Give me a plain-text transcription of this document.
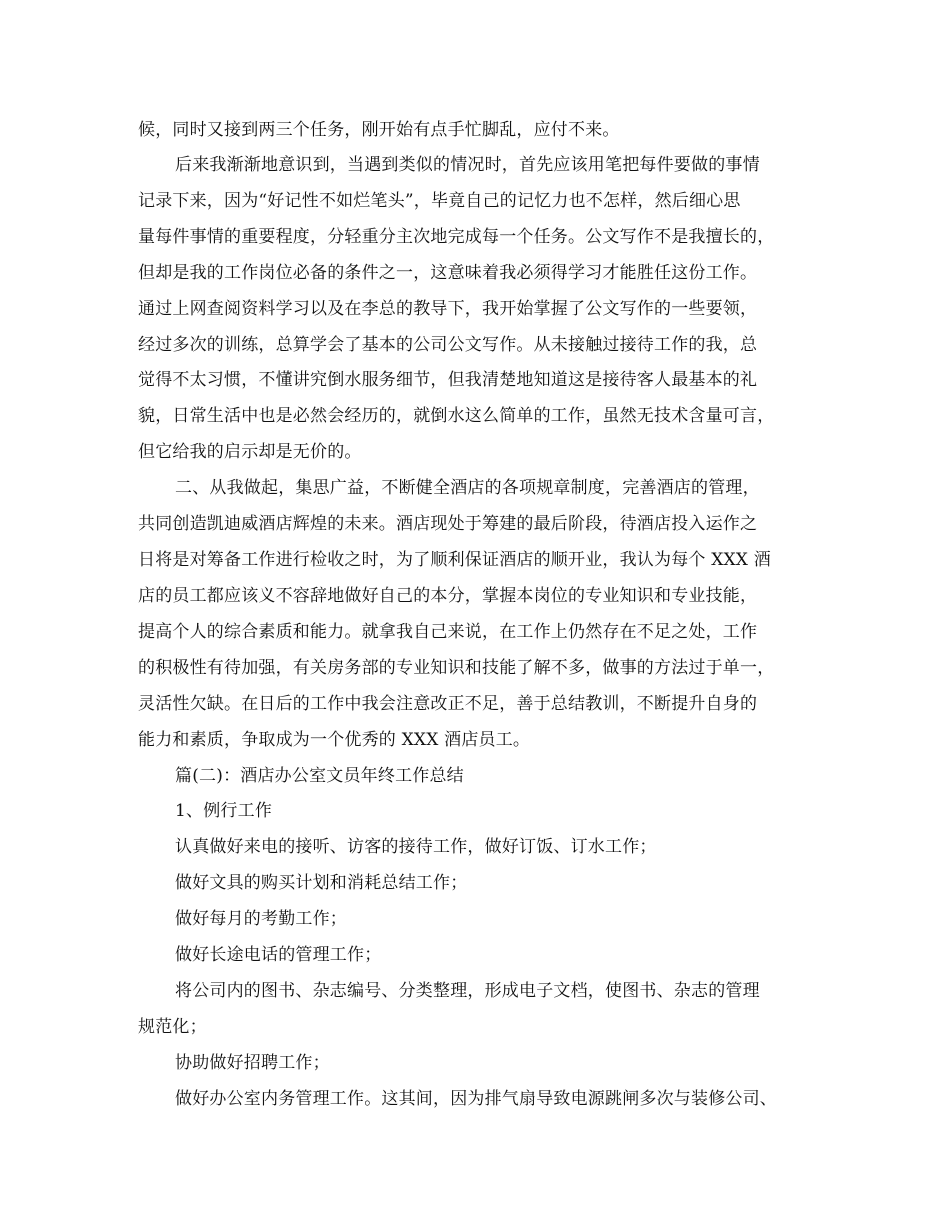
候，同时又接到两三个任务，刚开始有点手忙脚乱，应付不来。
后来我渐渐地意识到，当遇到类似的情况时，首先应该用笔把每件要做的事情
记录下来，因为“好记性不如烂笔头”，毕竟自己的记忆力也不怎样，然后细心思
量每件事情的重要程度，分轻重分主次地完成每一个任务。公文写作不是我擅长的，
但却是我的工作岗位必备的条件之一，这意味着我必须得学习才能胜任这份工作。
通过上网查阅资料学习以及在李总的教导下，我开始掌握了公文写作的一些要领，
经过多次的训练，总算学会了基本的公司公文写作。从未接触过接待工作的我，总
觉得不太习惯，不懂讲究倒水服务细节，但我清楚地知道这是接待客人最基本的礼
貌，日常生活中也是必然会经历的，就倒水这么简单的工作，虽然无技术含量可言，
但它给我的启示却是无价的。
二、从我做起，集思广益，不断健全酒店的各项规章制度，完善酒店的管理，
共同创造凯迪威酒店辉煌的未来。酒店现处于筹建的最后阶段，待酒店投入运作之
日将是对筹备工作进行检收之时，为了顺利保证酒店的顺开业，我认为每个 XXX 酒
店的员工都应该义不容辞地做好自己的本分，掌握本岗位的专业知识和专业技能，
提高个人的综合素质和能力。就拿我自己来说，在工作上仍然存在不足之处，工作
的积极性有待加强，有关房务部的专业知识和技能了解不多，做事的方法过于单一，
灵活性欠缺。在日后的工作中我会注意改正不足，善于总结教训，不断提升自身的
能力和素质，争取成为一个优秀的 XXX 酒店员工。
篇(二)：酒店办公室文员年终工作总结
1、例行工作
认真做好来电的接听、访客的接待工作，做好订饭、订水工作；
做好文具的购买计划和消耗总结工作；
做好每月的考勤工作；
做好长途电话的管理工作；
将公司内的图书、杂志编号、分类整理，形成电子文档，使图书、杂志的管理
规范化；
协助做好招聘工作；
做好办公室内务管理工作。这其间，因为排气扇导致电源跳闸多次与装修公司、
